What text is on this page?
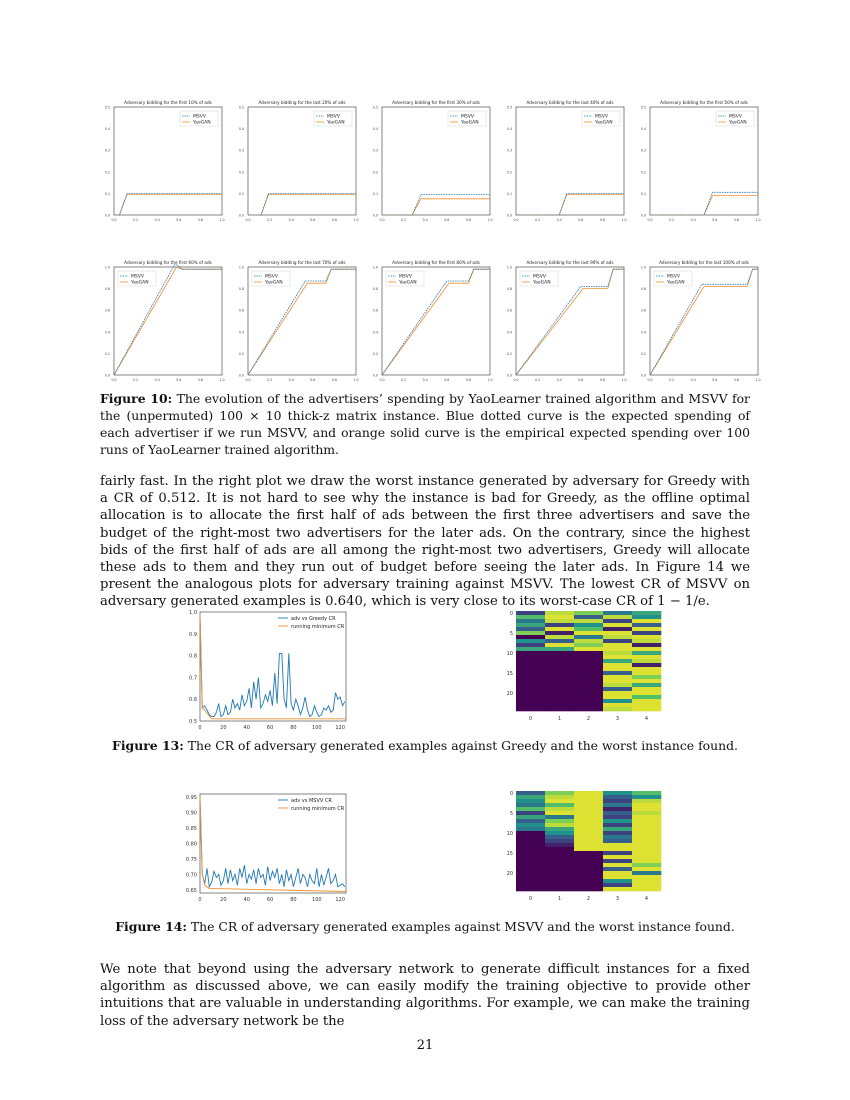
Adversary bidding for the first 10% of ads
0.0
0.1
0.2
0.3
0.4
0.5
0.0	0.2	0.4	0.6	0.8	1.0
MSVV
YaoGAN
Adversary bidding for the last 20% of ads
0.0
0.1
0.2
0.3
0.4
0.5
0.0	0.2	0.4	0.6	0.8	1.0
MSVV
YaoGAN
Adversary bidding for the first 30% of ads
0.0
0.1
0.2
0.3
0.4
0.5
0.0	0.2	0.4	0.6	0.8	1.0
MSVV
YaoGAN
Adversary bidding for the last 40% of ads
0.0
0.1
0.2
0.3
0.4
0.5
0.0	0.2	0.4	0.6	0.8	1.0
MSVV
YaoGAN
Adversary bidding for the first 50% of ads
0.0
0.1
0.2
0.3
0.4
0.5
0.0	0.2	0.4	0.6	0.8	1.0
MSVV
YaoGAN
Adversary bidding for the first 60% of ads
0.0
0.2
0.4
0.6
0.8
1.0
0.0	0.2	0.4	0.6	0.8	1.0
MSVV
YaoGAN
Adversary bidding for the last 70% of ads
0.0
0.2
0.4
0.6
0.8
1.0
0.0	0.2	0.4	0.6	0.8	1.0
MSVV
YaoGAN
Adversary bidding for the first 80% of ads
0.0
0.2
0.4
0.6
0.8
1.0
0.0	0.2	0.4	0.6	0.8	1.0
MSVV
YaoGAN
Adversary bidding for the last 90% of ads
0.0
0.2
0.4
0.6
0.8
1.0
0.0	0.2	0.4	0.6	0.8	1.0
MSVV
YaoGAN
Adversary bidding for the last 100% of ads
0.0
0.2
0.4
0.6
0.8
1.0
0.0	0.2	0.4	0.6	0.8	1.0
MSVV
YaoGAN
Figure 10: The evolution of the advertisers’ spending by YaoLearner trained algorithm and MSVV for the (unpermuted) 100 × 10 thick-z matrix instance. Blue dotted curve is the expected spending of each advertiser if we run MSVV, and orange solid curve is the empirical expected spending over 100 runs of YaoLearner trained algorithm.

fairly fast. In the right plot we draw the worst instance generated by adversary for Greedy with a CR of 0.512. It is not hard to see why the instance is bad for Greedy, as the offline optimal allocation is to allocate the first half of ads between the first three advertisers and save the budget of the right-most two advertisers for the later ads. On the contrary, since the highest bids of the first half of ads are all among the right-most two advertisers, Greedy will allocate these ads to them and they run out of budget before seeing the later ads. In Figure 14 we present the analogous plots for adversary training against MSVV. The lowest CR of MSVV on adversary generated examples is 0.640, which is very close to its worst-case CR of 1 − 1/e.

0.5
0.6
0.7
0.8
0.9
1.0
0	20	40	60	80	100	120
adv vs Greedy CR
running minimum CR
0
5
10
15
20
0	1	2	3	4
Figure 13: The CR of adversary generated examples against Greedy and the worst instance found.
0.65
0.70
0.75
0.80
0.85
0.90
0.95
0	20	40	60	80	100	120
adv vs MSVV CR
running minimum CR
0
5
10
15
20
0	1	2	3	4
Figure 14: The CR of adversary generated examples against MSVV and the worst instance found.

We note that beyond using the adversary network to generate difficult instances for a fixed algorithm as discussed above, we can easily modify the training objective to provide other intuitions that are valuable in understanding algorithms. For example, we can make the training loss of the adversary network be the

21
